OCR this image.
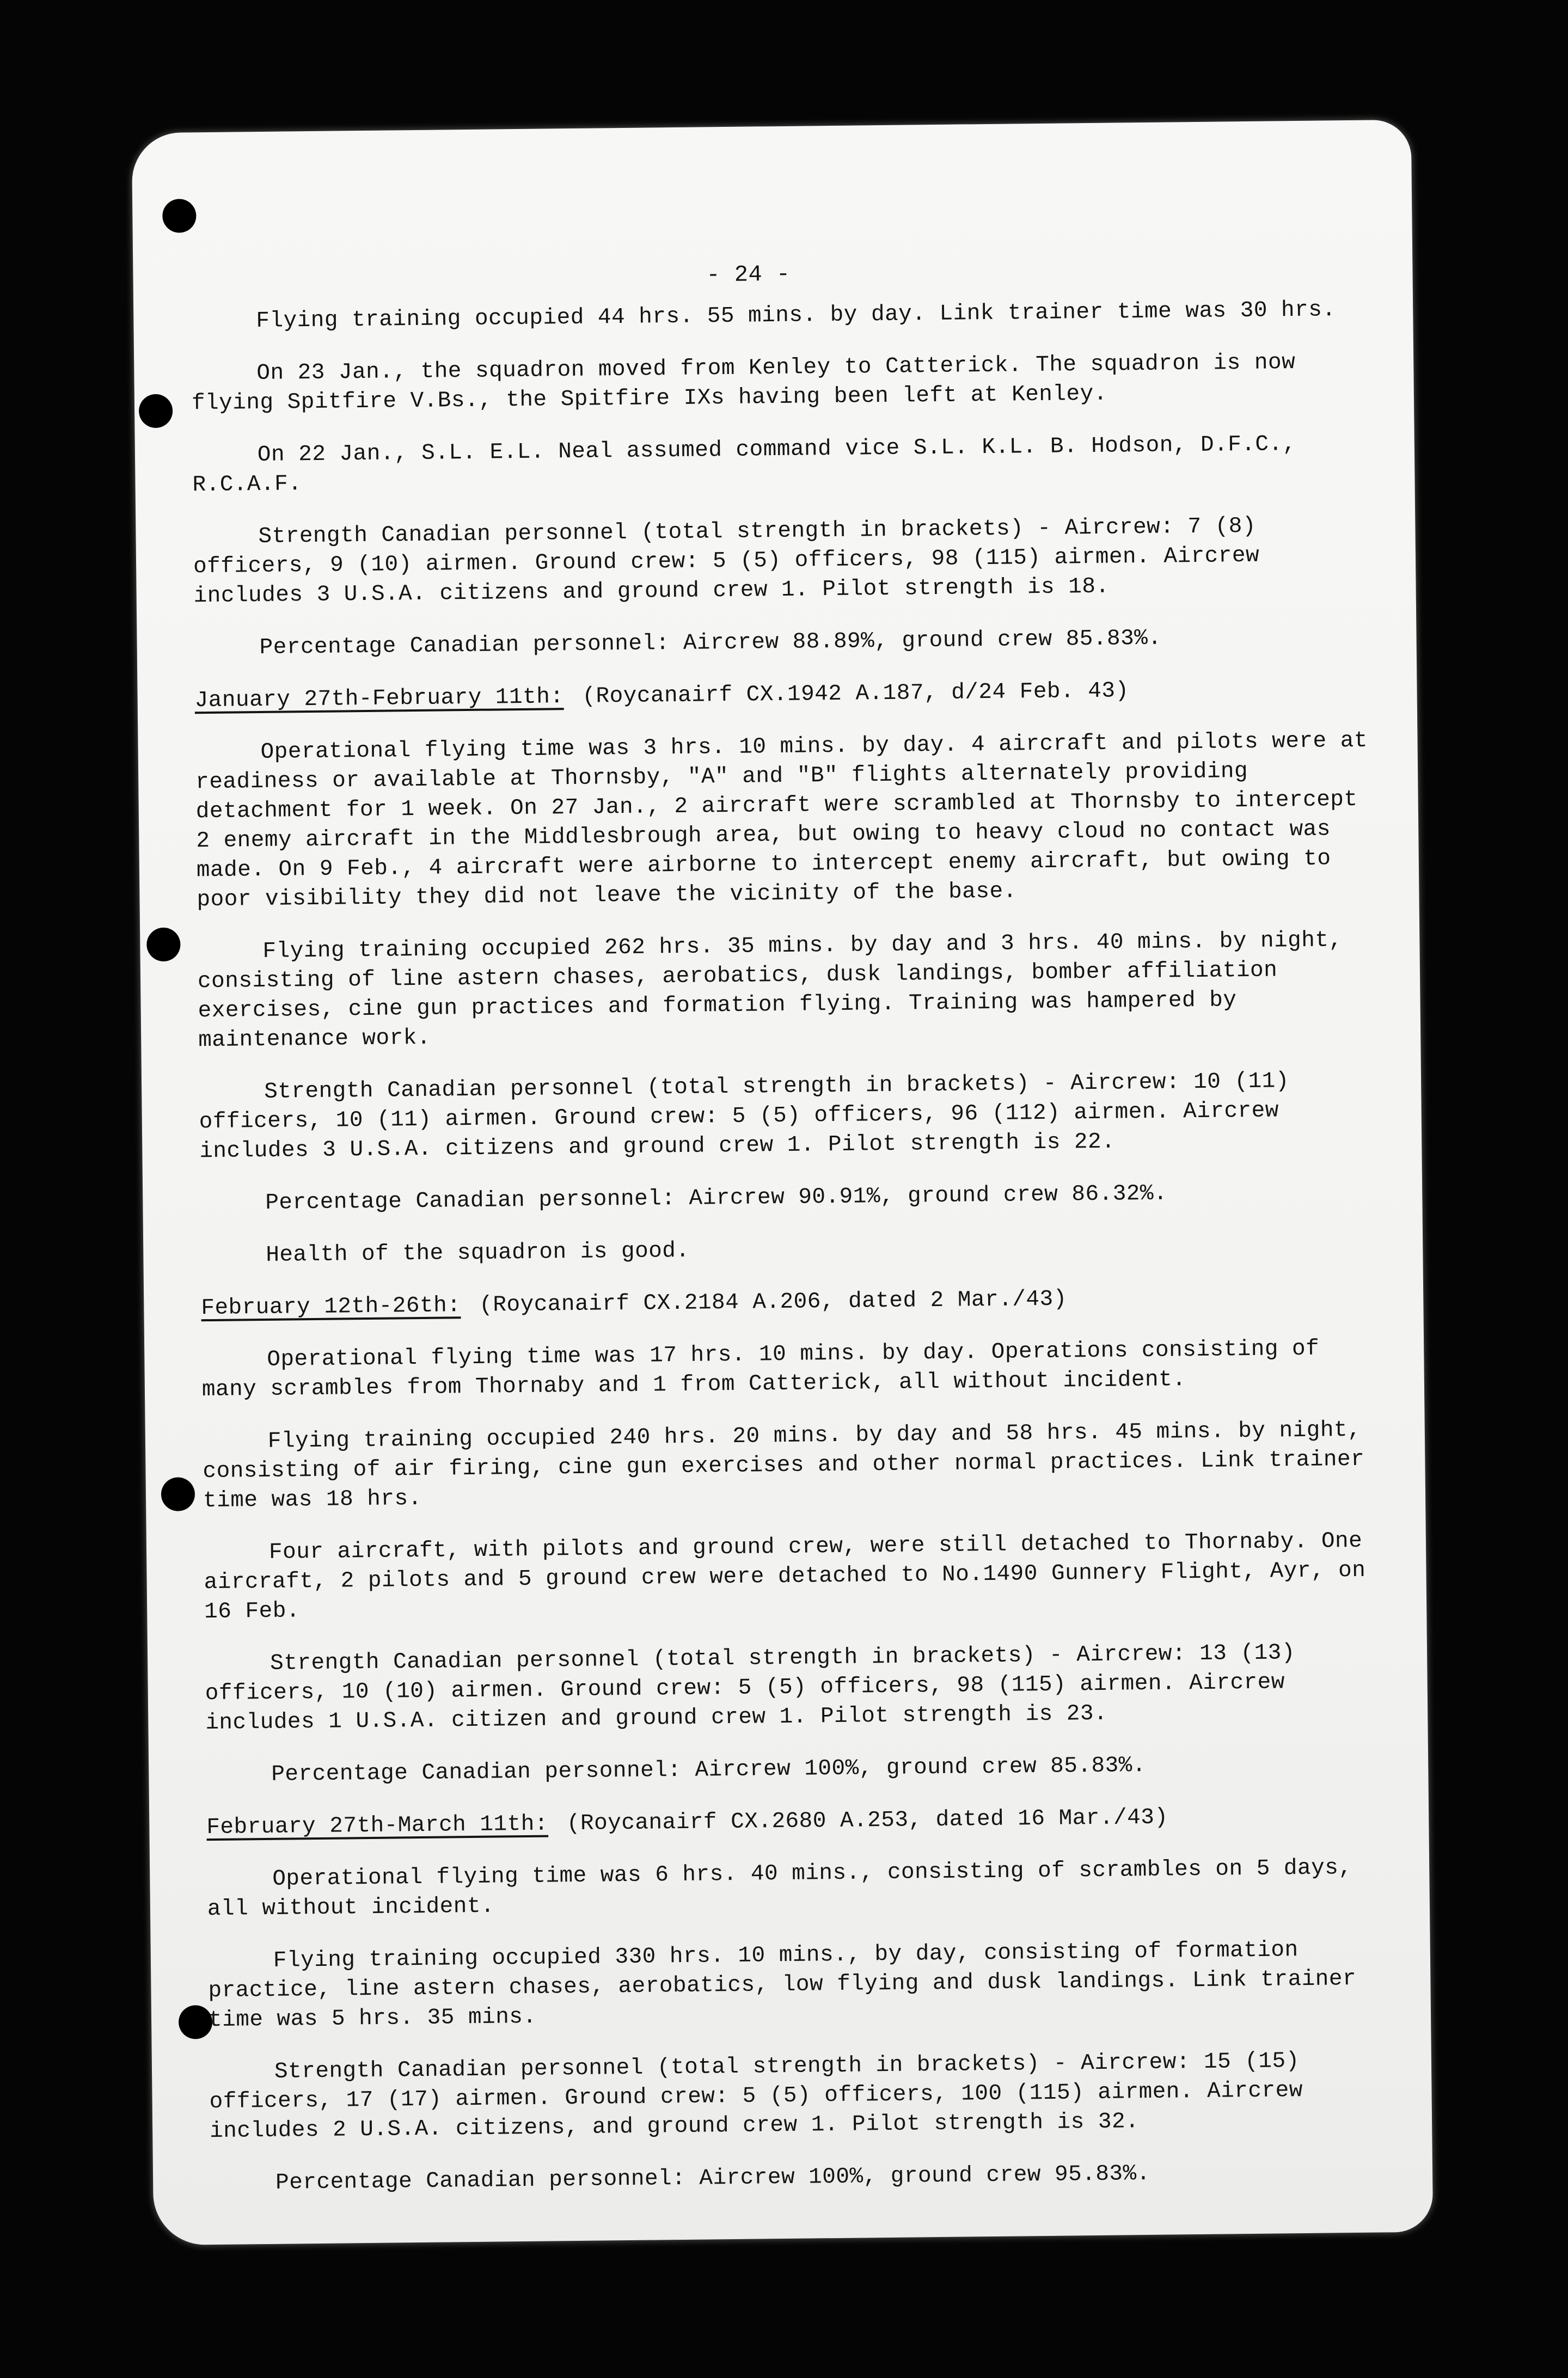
- 24 -

Flying training occupied 44 hrs. 55 mins. by day. Link trainer time was 30 hrs.

On 23 Jan., the squadron moved from Kenley to Catterick. The squadron is now flying Spitfire V.Bs., the Spitfire IXs having been left at Kenley.

On 22 Jan., S.L. E.L. Neal assumed command vice S.L. K.L. B. Hodson, D.F.C., R.C.A.F.

Strength Canadian personnel (total strength in brackets) - Aircrew: 7 (8) officers, 9 (10) airmen. Ground crew: 5 (5) officers, 98 (115) airmen. Aircrew includes 3 U.S.A. citizens and ground crew 1. Pilot strength is 18.

Percentage Canadian personnel: Aircrew 88.89%, ground crew 85.83%.

January 27th-February 11th: (Roycanairf CX.1942 A.187, d/24 Feb. 43)

Operational flying time was 3 hrs. 10 mins. by day. 4 aircraft and pilots were at readiness or available at Thornsby, "A" and "B" flights alternately providing detachment for 1 week. On 27 Jan., 2 aircraft were scrambled at Thornsby to intercept 2 enemy aircraft in the Middlesbrough area, but owing to heavy cloud no contact was made. On 9 Feb., 4 aircraft were airborne to intercept enemy aircraft, but owing to poor visibility they did not leave the vicinity of the base.

Flying training occupied 262 hrs. 35 mins. by day and 3 hrs. 40 mins. by night, consisting of line astern chases, aerobatics, dusk landings, bomber affiliation exercises, cine gun practices and formation flying. Training was hampered by maintenance work.

Strength Canadian personnel (total strength in brackets) - Aircrew: 10 (11) officers, 10 (11) airmen. Ground crew: 5 (5) officers, 96 (112) airmen. Aircrew includes 3 U.S.A. citizens and ground crew 1. Pilot strength is 22.

Percentage Canadian personnel: Aircrew 90.91%, ground crew 86.32%.

Health of the squadron is good.

February 12th-26th: (Roycanairf CX.2184 A.206, dated 2 Mar./43)

Operational flying time was 17 hrs. 10 mins. by day. Operations consisting of many scrambles from Thornaby and 1 from Catterick, all without incident.

Flying training occupied 240 hrs. 20 mins. by day and 58 hrs. 45 mins. by night, consisting of air firing, cine gun exercises and other normal practices. Link trainer time was 18 hrs.

Four aircraft, with pilots and ground crew, were still detached to Thornaby. One aircraft, 2 pilots and 5 ground crew were detached to No.1490 Gunnery Flight, Ayr, on 16 Feb.

Strength Canadian personnel (total strength in brackets) - Aircrew: 13 (13) officers, 10 (10) airmen. Ground crew: 5 (5) officers, 98 (115) airmen. Aircrew includes 1 U.S.A. citizen and ground crew 1. Pilot strength is 23.

Percentage Canadian personnel: Aircrew 100%, ground crew 85.83%.

February 27th-March 11th: (Roycanairf CX.2680 A.253, dated 16 Mar./43)

Operational flying time was 6 hrs. 40 mins., consisting of scrambles on 5 days, all without incident.

Flying training occupied 330 hrs. 10 mins., by day, consisting of formation practice, line astern chases, aerobatics, low flying and dusk landings. Link trainer time was 5 hrs. 35 mins.

Strength Canadian personnel (total strength in brackets) - Aircrew: 15 (15) officers, 17 (17) airmen. Ground crew: 5 (5) officers, 100 (115) airmen. Aircrew includes 2 U.S.A. citizens, and ground crew 1. Pilot strength is 32.

Percentage Canadian personnel: Aircrew 100%, ground crew 95.83%.
